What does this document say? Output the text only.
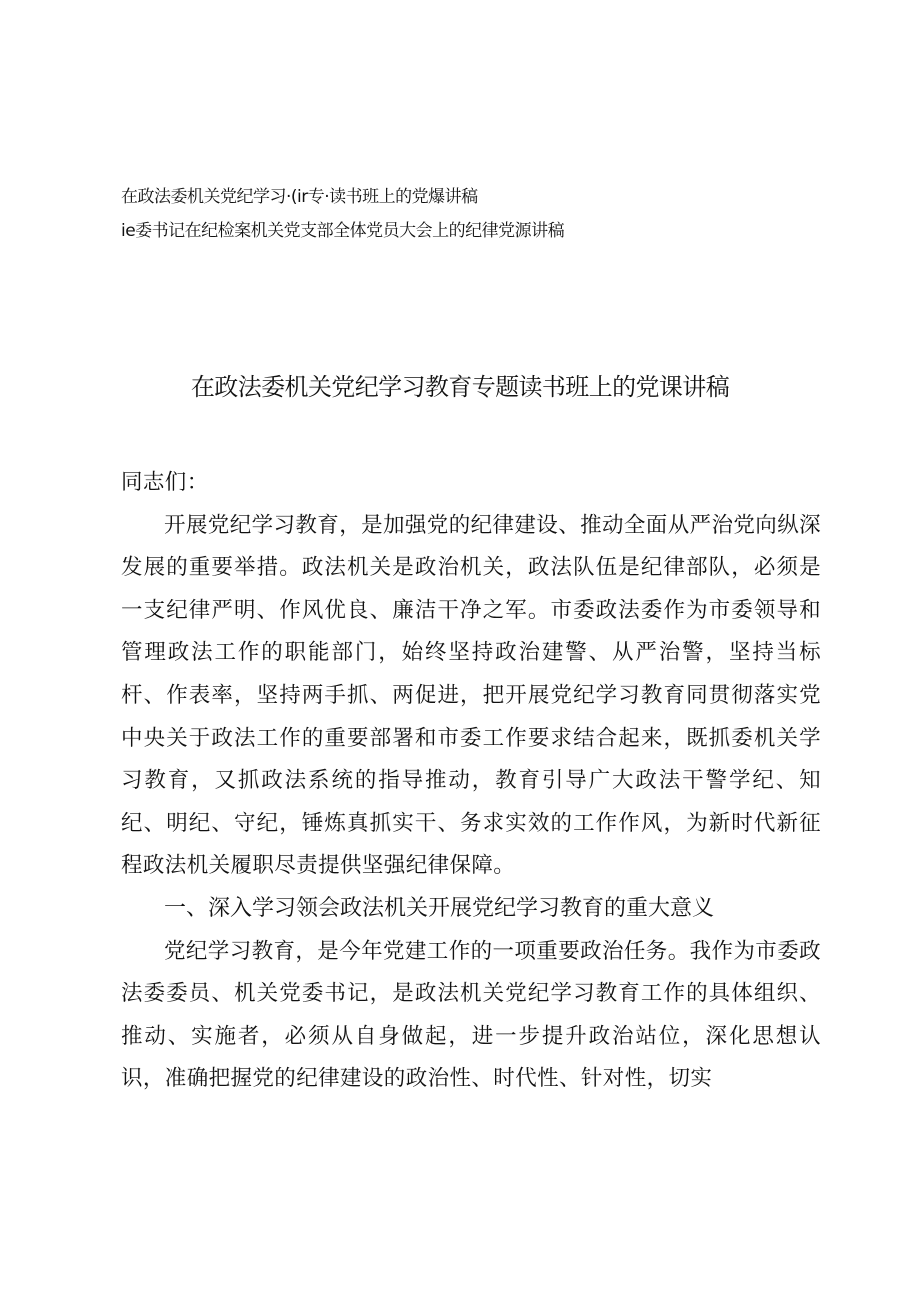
在政法委机关党纪学习·(ir专·读书班上的党爆讲稿
ie委书记在纪检案机关党支部全体党员大会上的纪律党源讲稿
在政法委机关党纪学习教育专题读书班上的党课讲稿

同志们：

开展党纪学习教育，是加强党的纪律建设、推动全面从严治党向纵深发展的重要举措。政法机关是政治机关，政法队伍是纪律部队，必须是一支纪律严明、作风优良、廉洁干净之军。市委政法委作为市委领导和管理政法工作的职能部门，始终坚持政治建警、从严治警，坚持当标杆、作表率，坚持两手抓、两促进，把开展党纪学习教育同贯彻落实党中央关于政法工作的重要部署和市委工作要求结合起来，既抓委机关学习教育，又抓政法系统的指导推动，教育引导广大政法干警学纪、知纪、明纪、守纪，锤炼真抓实干、务求实效的工作作风，为新时代新征程政法机关履职尽责提供坚强纪律保障。

一、深入学习领会政法机关开展党纪学习教育的重大意义

党纪学习教育，是今年党建工作的一项重要政治任务。我作为市委政法委委员、机关党委书记，是政法机关党纪学习教育工作的具体组织、推动、实施者，必须从自身做起，进一步提升政治站位，深化思想认识，准确把握党的纪律建设的政治性、时代性、针对性，切实
